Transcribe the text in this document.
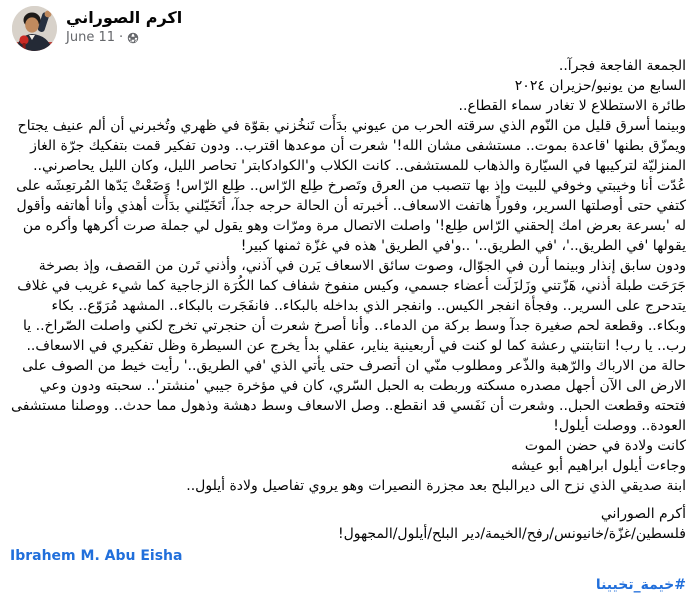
اكرم الصوراني
June 11 ·
الجمعة الفاجعة فجرآ..
السابع من يونيو/حزيران ٢٠٢٤
طائرة الاستطلاع لا تغادر سماء القطاع..
وبينما أسرق قليل من النّوم الذي سرقته الحرب من عيوني بدَأَت تَنخُزني بقوّة في ظهري وتُخبرني أن ألم عنيف يجتاح ويمزّق بطنها 'قاعدة بموت.. مستشفى مشان الله!' شعرت أن موعدها اقترب.. ودون تفكير قمت بتفكيك جرّة الغاز المنزليّة لتركيبها في السيّارة والذهاب للمستشفى.. كانت الكلاب و'الكوادكابتر' تحاصر الليل، وكان الليل يحاصرني.. عُدّت أنا وخيبتي وخوفي للبيت وإذ بها تتصبب من العرق وتَصرخ طِلع الرّاس.. طِلع الرّاس! وَضَعْتْ يَدّها المُرتعِشَه على كتفي حتى أوصلتها السرير، وفوراً هاتفت الاسعاف.. أخبرته أن الحالة حرجه جدآ، أتَخَيّلني بدَأَت أهذي وأنا أهاتفه وأقول له 'بسرعة بعرض امك إلحقني الرّاس طِلع!' واصلت الاتصال مرة ومرّات وهو يقول لي جملة صرت أكرهها وأكره من يقولها 'في الطريق..'، 'في الطريق..' ..و'في الطريق' هذه في غزّة ثمنها كبير!
ودون سابق إنذار وبينما أرن في الجوّال، وصوت سائق الاسعاف يَرن في آذني، وأذني تَرن من القصف، وإذ بصرخة جَرَحَت طبلة أذني، هَزّتني وزَلزَلَت أعضاء جسمي، وكيس منفوخ شفاف كما الكُرَة الزجاجية كما شيء غريب في غلاف يتدحرج على السرير.. وفجأة انفجر الكيس.. وانفجر الذي بداخله بالبكاء.. فانفَجَرت بالبكاء.. المشهد مُرَوّع.. بكاء وبكاء.. وقطعة لحم صغيرة جدآ وسط بركة من الدماء.. وأنا أصرخ شعرت أن حنجرتي تخرج لكني واصلت الصّراخ.. يا رب.. يا رب! انتابتني رعشة كما لو كنت في أربعينية يناير، عقلي بدأ يخرج عن السيطرة وظل تفكيري في الاسعاف.. حالة من الارباك والرّهبة والذّعر ومطلوب منّي ان أتصرف حتى يأتي الذي 'في الطريق..' رأيت خيط من الصوف على الارض الى الآن أجهل مصدره مسكته وربطت به الحبل السّري، كان في مؤخرة جيبي 'منشتر'.. سحبته ودون وعي فتحته وقطعت الحبل.. وشعرت أن نَفَسي قد انقطع.. وصل الاسعاف وسط دهشة وذهول مما حدث.. ووصلنا مستشفى العودة.. ووصلت أيلول!
كانت ولادة في حضن الموت
وجاءت أيلول ابراهيم أبو عيشه
ابنة صديقي الذي نزح الى ديرالبلح بعد مجزرة النصيرات وهو يروي تفاصيل ولادة أيلول..
أكرم الصوراني
فلسطين/غزّة/خانيونس/رفح/الخيمة/دير البلح/أيلول/المجهول!
Ibrahem M. Abu Eisha
#خيمة_تخيينا
